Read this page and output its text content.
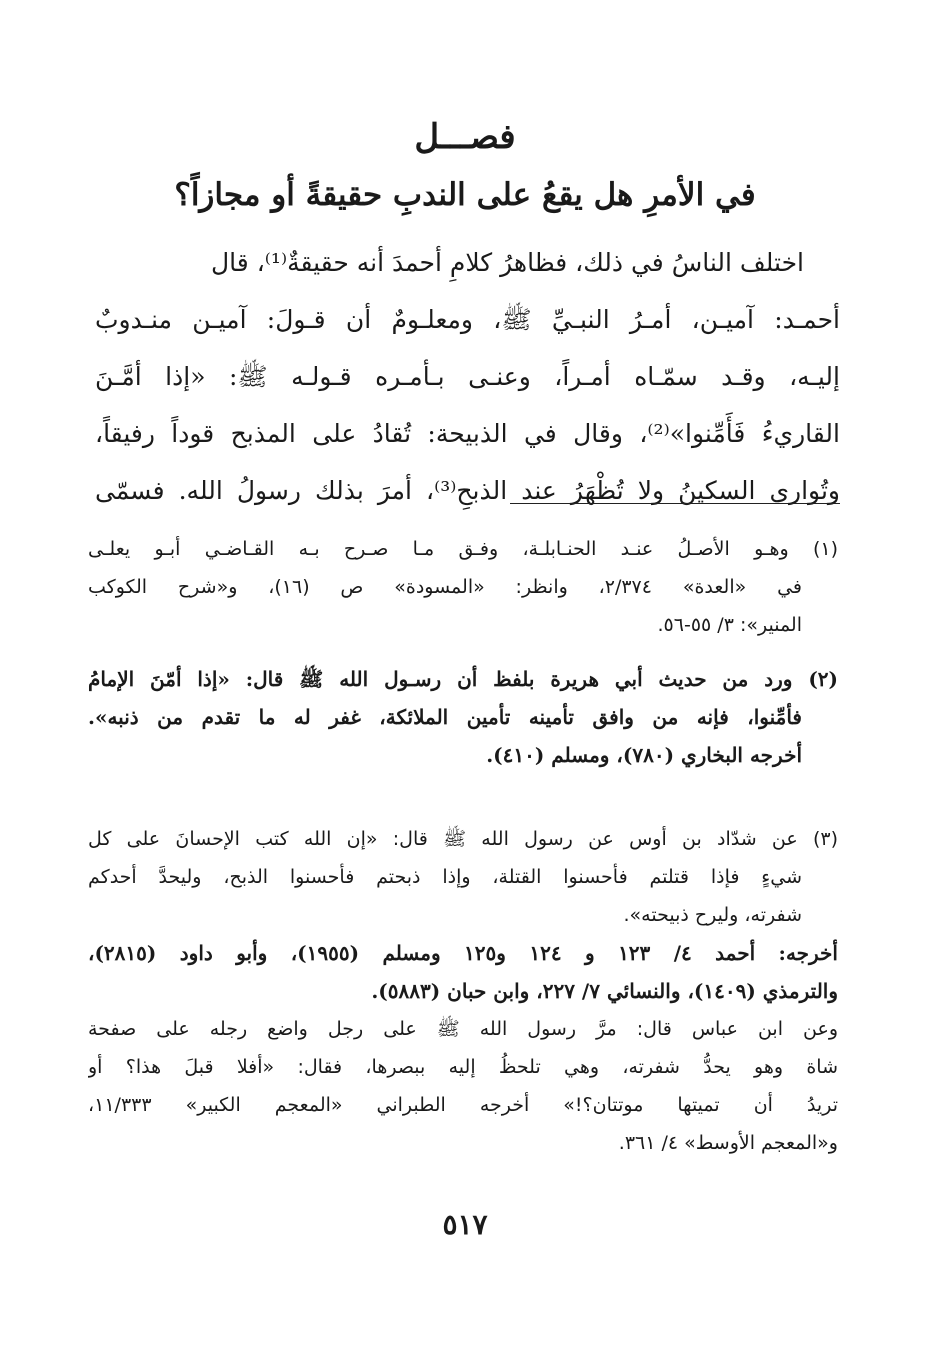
فصـــل
في الأمرِ هل يقعُ على الندبِ حقيقةً أو مجازاً؟
اختلف الناسُ في ذلك، فظاهرُ كلامِ أحمدَ أنه حقيقةٌ⁽¹⁾، قال
أحمـد: آميـن، أمـرُ النبـيِّ ﷺ، ومعلـومٌ أن قـولَ: آميـن منـدوبٌ
إليـه، وقـد سمّـاه أمـراً، وعنـى بـأمـره قـولـه ﷺ: «إذا أمَّـنَ
القاريءُ فَأَمِّنوا»⁽²⁾، وقال في الذبيحة: تُقادُ على المذبح قوداً رفيقاً،
وتُوارى السكينُ ولا تُظْهَرُ عند الذبحِ⁽³⁾، أمرَ بذلك رسولُ الله. فسمّى
(١) وهـو الأصـلُ عنـد الحنـابلـة، وفـق مـا صـرح بـه القـاضـي أبـو يعلـى
في «العدة» ٢/٣٧٤، وانظر: «المسودة» ص (١٦)، و«شرح الكوكب
المنير»: ٣/ ٥٥-٥٦.
(٢) ورد من حديث أبي هريرة بلفظ أن رسـول الله ﷺ قال: «إذا أمّنَ الإمامُ
فأمِّنوا، فإنه من وافق تأمينه تأمين الملائكة، غفر له ما تقدم من ذنبه».
أخرجه البخاري (٧٨٠)، ومسلم (٤١٠).
(٣) عن شدّاد بن أوس عن رسول الله ﷺ قال: «إن الله كتب الإحسانَ على كل
شيءٍ فإذا قتلتم فأحسنوا القتلة، وإذا ذبحتم فأحسنوا الذبح، وليحدَّ أحدكم
شفرته، وليرح ذبيحته».
أخرجه: أحمد ٤/ ١٢٣ و ١٢٤ و١٢٥ ومسلم (١٩٥٥)، وأبو داود (٢٨١٥)،
والترمذي (١٤٠٩)، والنسائي ٧/ ٢٢٧، وابن حبان (٥٨٨٣).
وعن ابن عباس قال: مرَّ رسول الله ﷺ على رجل واضع رجله على صفحة
شاة وهو يحدُّ شفرته، وهي تلحظُ إليه ببصرها، فقال: «أفلا قبلَ هذا؟ أو
تريدُ أن تميتها موتتان؟!» أخرجه الطبراني «المعجم الكبير» ١١/٣٣٣،
و«المعجم الأوسط» ٤/ ٣٦١.
٥١٧
